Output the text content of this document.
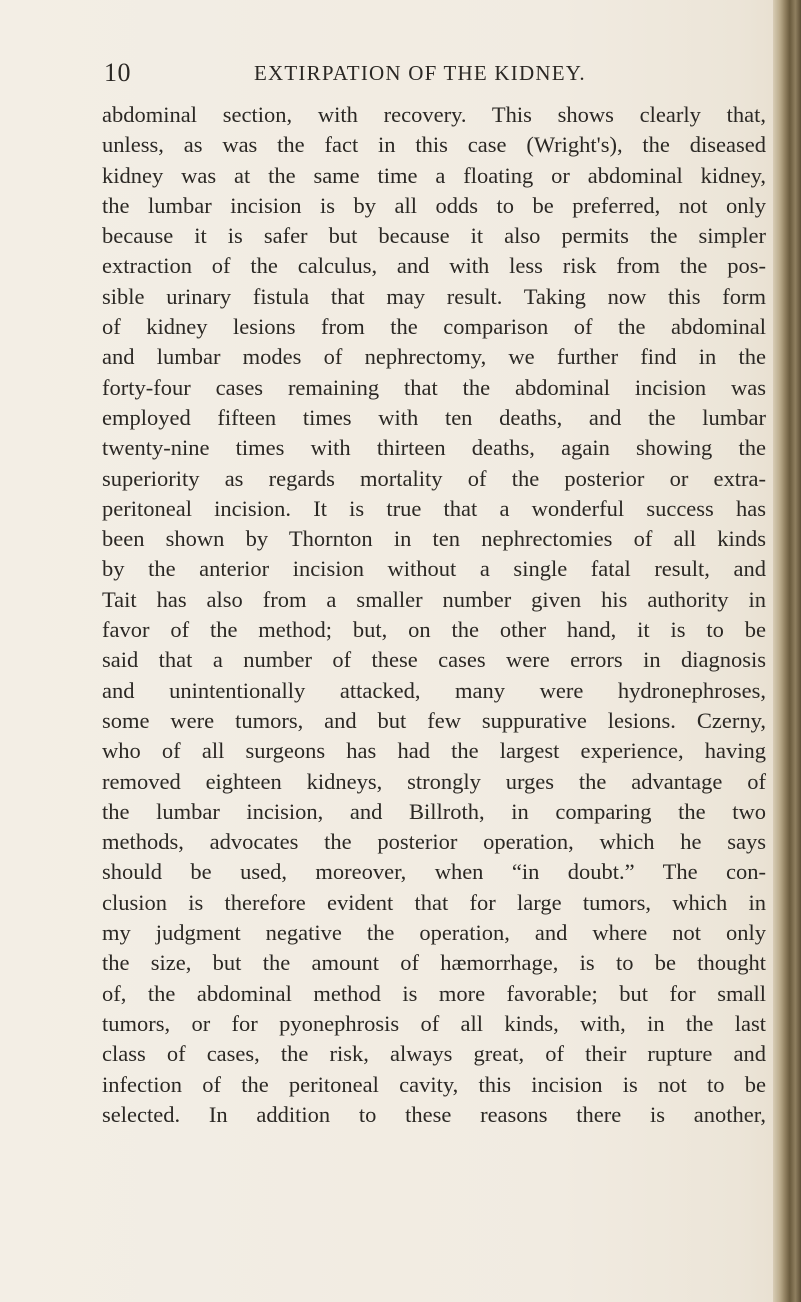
10	EXTIRPATION OF THE KIDNEY.
abdominal section, with recovery. This shows clearly that,
unless, as was the fact in this case (Wright's), the diseased
kidney was at the same time a floating or abdominal kidney,
the lumbar incision is by all odds to be preferred, not only
because it is safer but because it also permits the simpler
extraction of the calculus, and with less risk from the pos-
sible urinary fistula that may result. Taking now this form
of kidney lesions from the comparison of the abdominal
and lumbar modes of nephrectomy, we further find in the
forty-four cases remaining that the abdominal incision was
employed fifteen times with ten deaths, and the lumbar
twenty-nine times with thirteen deaths, again showing the
superiority as regards mortality of the posterior or extra-
peritoneal incision. It is true that a wonderful success has
been shown by Thornton in ten nephrectomies of all kinds
by the anterior incision without a single fatal result, and
Tait has also from a smaller number given his authority in
favor of the method; but, on the other hand, it is to be
said that a number of these cases were errors in diagnosis
and unintentionally attacked, many were hydronephroses,
some were tumors, and but few suppurative lesions. Czerny,
who of all surgeons has had the largest experience, having
removed eighteen kidneys, strongly urges the advantage of
the lumbar incision, and Billroth, in comparing the two
methods, advocates the posterior operation, which he says
should be used, moreover, when “in doubt.” The con-
clusion is therefore evident that for large tumors, which in
my judgment negative the operation, and where not only
the size, but the amount of hæmorrhage, is to be thought
of, the abdominal method is more favorable; but for small
tumors, or for pyonephrosis of all kinds, with, in the last
class of cases, the risk, always great, of their rupture and
infection of the peritoneal cavity, this incision is not to be
selected. In addition to these reasons there is another,
